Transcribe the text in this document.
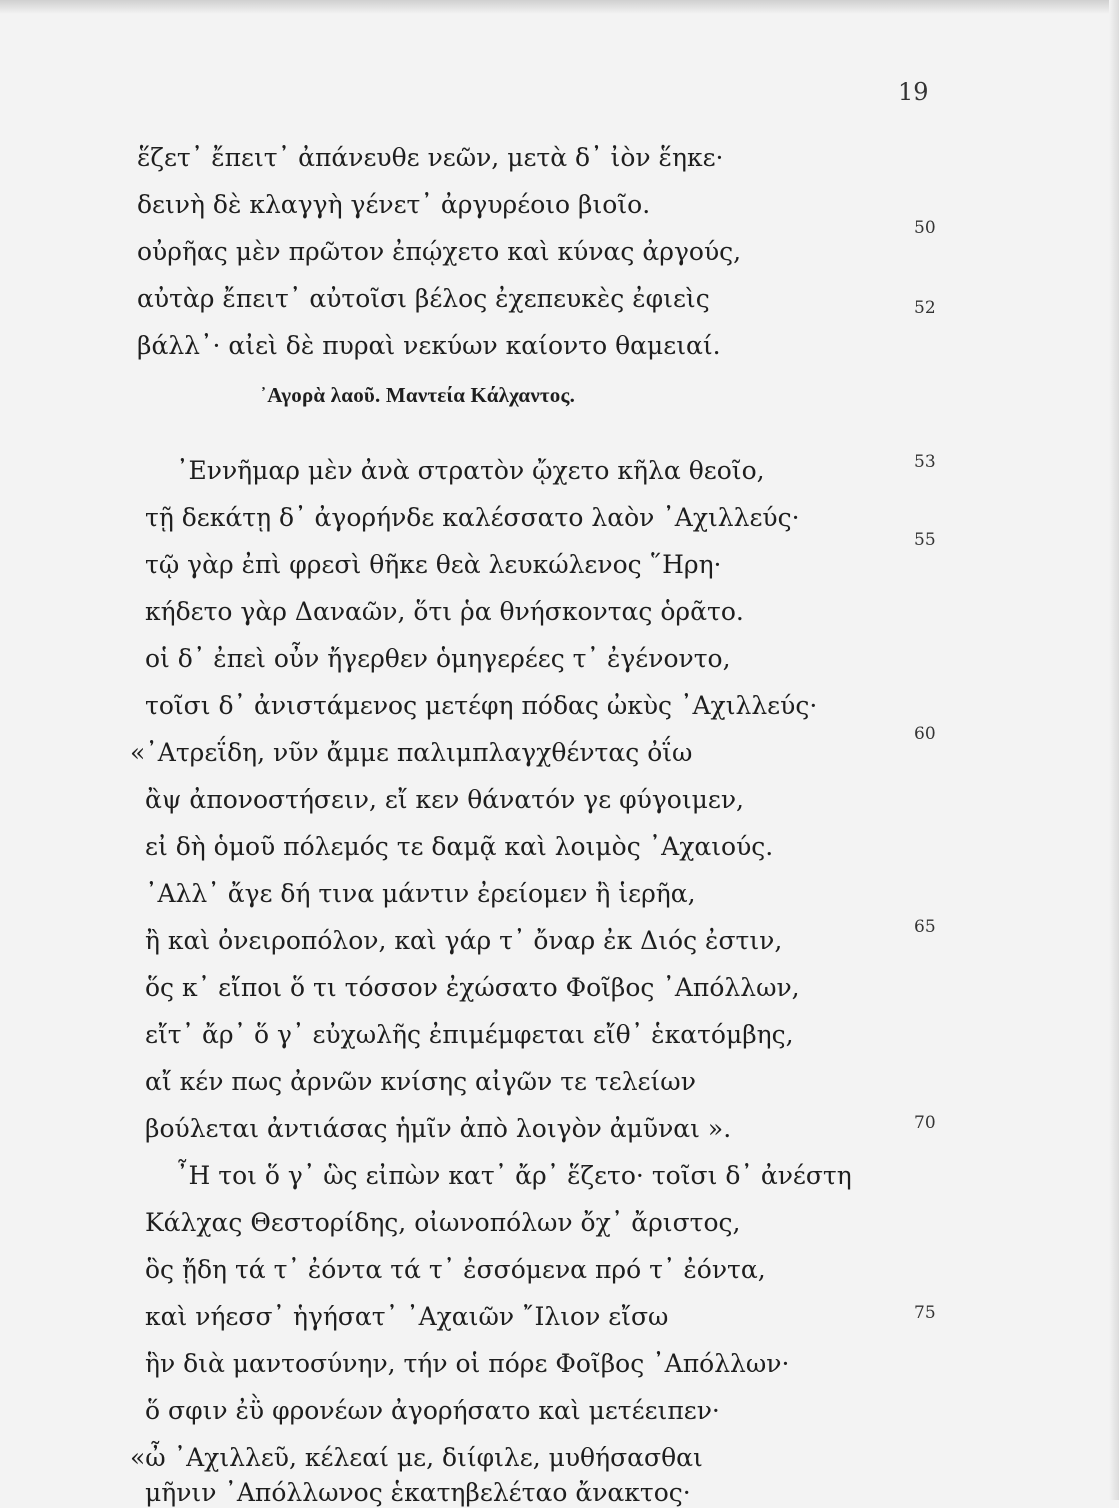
19
ἕζετ᾿ ἔπειτ᾿ ἀπάνευθε νεῶν, μετὰ δ᾿ ἰὸν ἕηκε·
δεινὴ δὲ κλαγγὴ γένετ᾿ ἀργυρέοιο βιοῖο.
οὐρῆας μὲν πρῶτον ἐπῴχετο καὶ κύνας ἀργούς,
αὐτὰρ ἔπειτ᾿ αὐτοῖσι βέλος ἐχεπευκὲς ἐφιεὶς
βάλλ᾿· αἰεὶ δὲ πυραὶ νεκύων καίοντο θαμειαί.
50
52
᾿Αγορὰ λαοῦ. Μαντεία Κάλχαντος.
᾿Εννῆμαρ μὲν ἀνὰ στρατὸν ᾤχετο κῆλα θεοῖο,
τῇ δεκάτῃ δ᾿ ἀγορήνδε καλέσσατο λαὸν ᾿Αχιλλεύς·
τῷ γὰρ ἐπὶ φρεσὶ θῆκε θεὰ λευκώλενος ῞Ηρη·
κήδετο γὰρ Δαναῶν, ὅτι ῥα θνήσκοντας ὁρᾶτο.
οἱ δ᾿ ἐπεὶ οὖν ἤγερθεν ὁμηγερέες τ᾿ ἐγένοντο,
τοῖσι δ᾿ ἀνιστάμενος μετέφη πόδας ὠκὺς ᾿Αχιλλεύς·
«᾿Ατρεΐδη, νῦν ἄμμε παλιμπλαγχθέντας ὀΐω
ἂψ ἀπονοστήσειν, εἴ κεν θάνατόν γε φύγοιμεν,
εἰ δὴ ὁμοῦ πόλεμός τε δαμᾷ καὶ λοιμὸς ᾿Αχαιούς.
᾿Αλλ᾿ ἄγε δή τινα μάντιν ἐρείομεν ἢ ἱερῆα,
ἢ καὶ ὀνειροπόλον, καὶ γάρ τ᾿ ὄναρ ἐκ Διός ἐστιν,
ὅς κ᾿ εἴποι ὅ τι τόσσον ἐχώσατο Φοῖβος ᾿Απόλλων,
εἴτ᾿ ἄρ᾿ ὅ γ᾿ εὐχωλῆς ἐπιμέμφεται εἴθ᾿ ἑκατόμβης,
αἴ κέν πως ἀρνῶν κνίσης αἰγῶν τε τελείων
βούλεται ἀντιάσας ἡμῖν ἀπὸ λοιγὸν ἀμῦναι ».
῏Η τοι ὅ γ᾿ ὣς εἰπὼν κατ᾿ ἄρ᾿ ἕζετο· τοῖσι δ᾿ ἀνέστη
Κάλχας Θεστορίδης, οἰωνοπόλων ὄχ᾿ ἄριστος,
ὃς ᾔδη τά τ᾿ ἐόντα τά τ᾿ ἐσσόμενα πρό τ᾿ ἐόντα,
καὶ νήεσσ᾿ ἡγήσατ᾿ ᾿Αχαιῶν ῎Ιλιον εἴσω
ἣν διὰ μαντοσύνην, τήν οἱ πόρε Φοῖβος ᾿Απόλλων·
ὅ σφιν ἐῢ φρονέων ἀγορήσατο καὶ μετέειπεν·
«ὦ ᾿Αχιλλεῦ, κέλεαί με, διίφιλε, μυθήσασθαι
μῆνιν ᾿Απόλλωνος ἑκατηβελέταο ἄνακτος·
53
55
60
65
70
75
